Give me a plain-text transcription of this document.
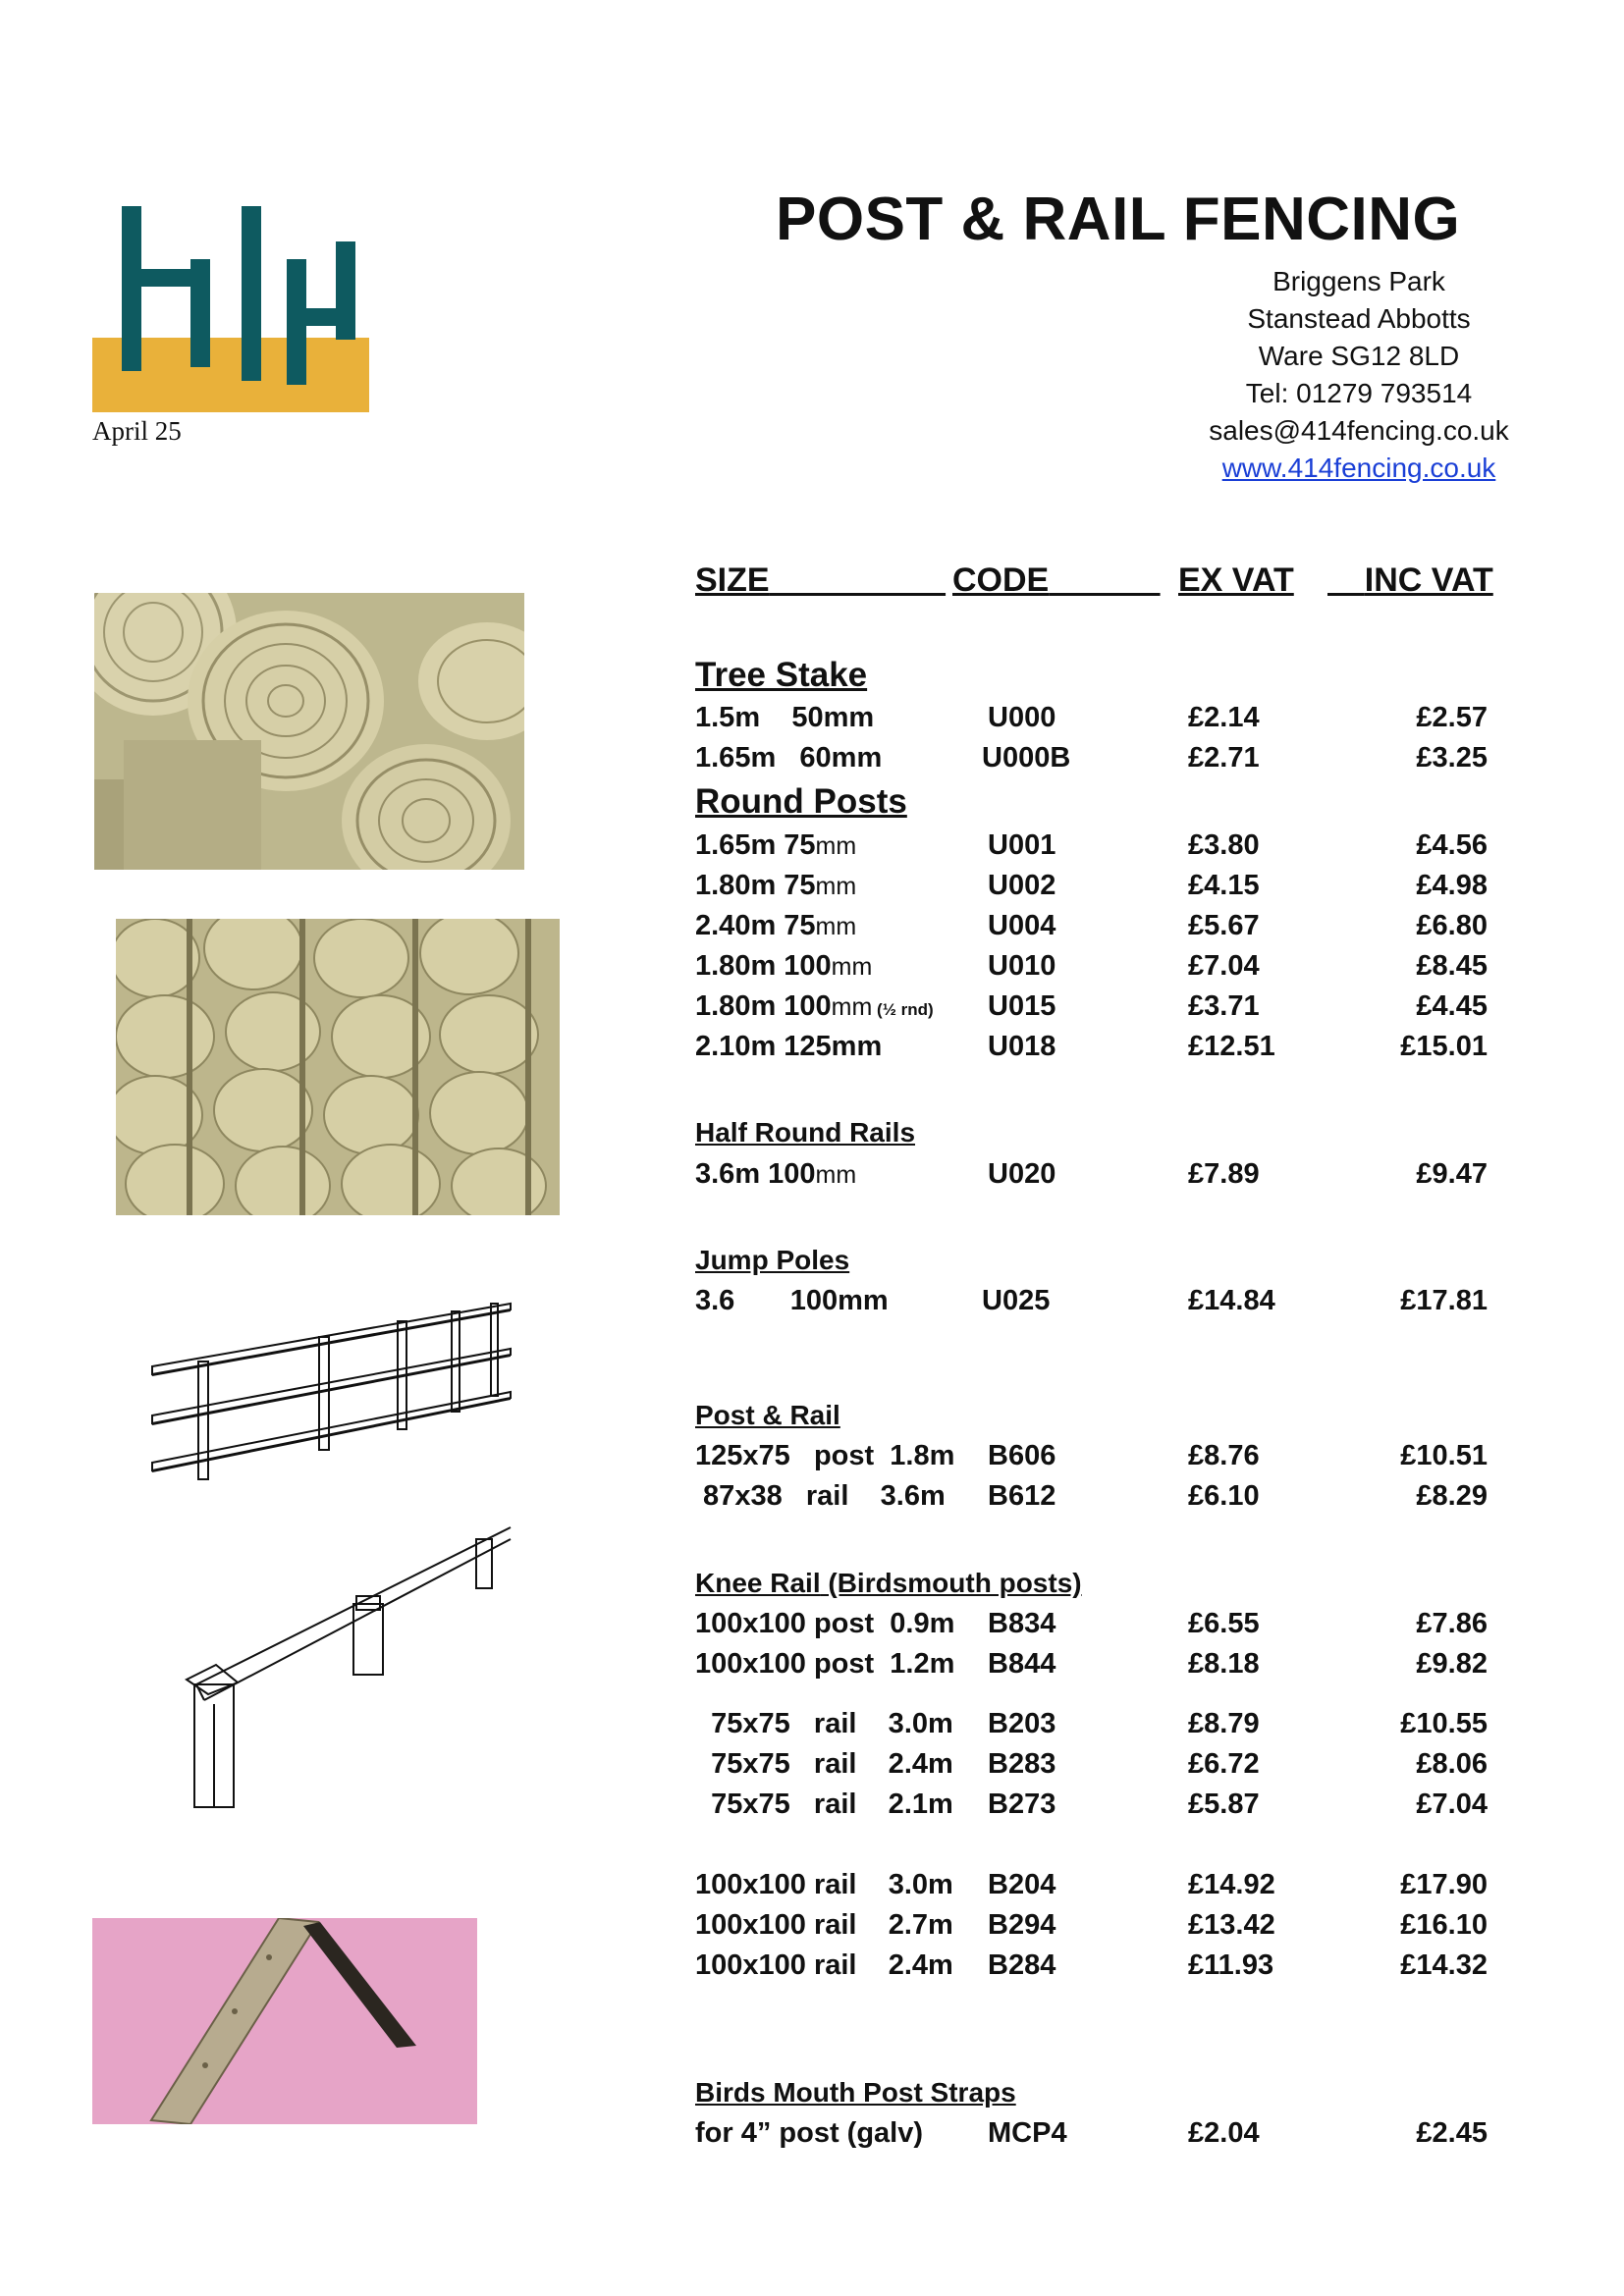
April 25
POST & RAIL FENCING
Briggens Park
Stanstead Abbotts
Ware SG12 8LD
Tel: 01279 793514
sales@414fencing.co.uk
www.414fencing.co.uk
SIZE	CODE	EX VAT	INC VAT
Tree Stake
1.5m    50mm	U000	£2.14	£2.57
1.65m   60mm	U000B	£2.71	£3.25
Round Posts
1.65m 75mm	U001	£3.80	£4.56
1.80m 75mm	U002	£4.15	£4.98
2.40m 75mm	U004	£5.67	£6.80
1.80m 100mm	U010	£7.04	£8.45
1.80m 100mm (½ rnd) U015	£3.71	£4.45
2.10m 125mm	U018	£12.51	£15.01
Half Round Rails
3.6m 100mm	U020	£7.89	£9.47
Jump Poles
3.6       100mm	U025	£14.84	£17.81
Post & Rail
125x75   post  1.8m B606	£8.76	£10.51
87x38   rail    3.6m B612	£6.10	£8.29
Knee Rail (Birdsmouth posts)
100x100 post  0.9m B834	£6.55	£7.86
100x100 post  1.2m B844	£8.18	£9.82
75x75   rail    3.0m B203	£8.79	£10.55
75x75   rail    2.4m B283	£6.72	£8.06
75x75   rail    2.1m B273	£5.87	£7.04
100x100 rail    3.0m B204	£14.92	£17.90
100x100 rail    2.7m B294	£13.42	£16.10
100x100 rail    2.4m B284	£11.93	£14.32
Birds Mouth Post Straps
for 4” post (galv) MCP4	£2.04	£2.45
